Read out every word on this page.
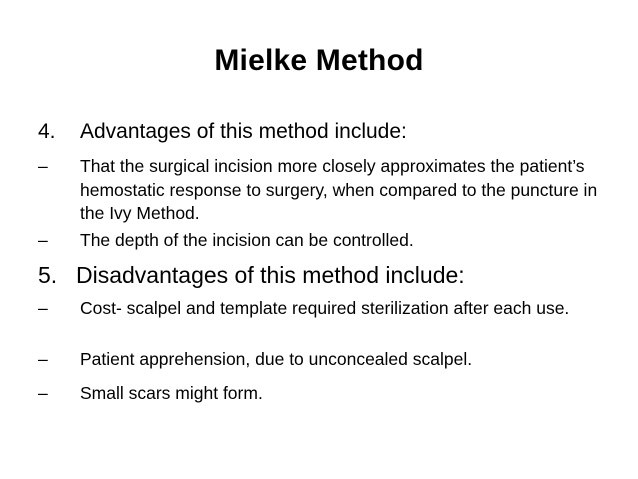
Mielke Method
4. Advantages of this method include:
–	That the surgical incision more closely approximates the patient’s hemostatic response to surgery, when compared to the puncture in the Ivy Method.
–	The depth of the incision can be controlled.
5. Disadvantages of this method include:
–	Cost- scalpel and template required sterilization after each use.
–	Patient apprehension, due to unconcealed scalpel.
–	Small scars might form.
